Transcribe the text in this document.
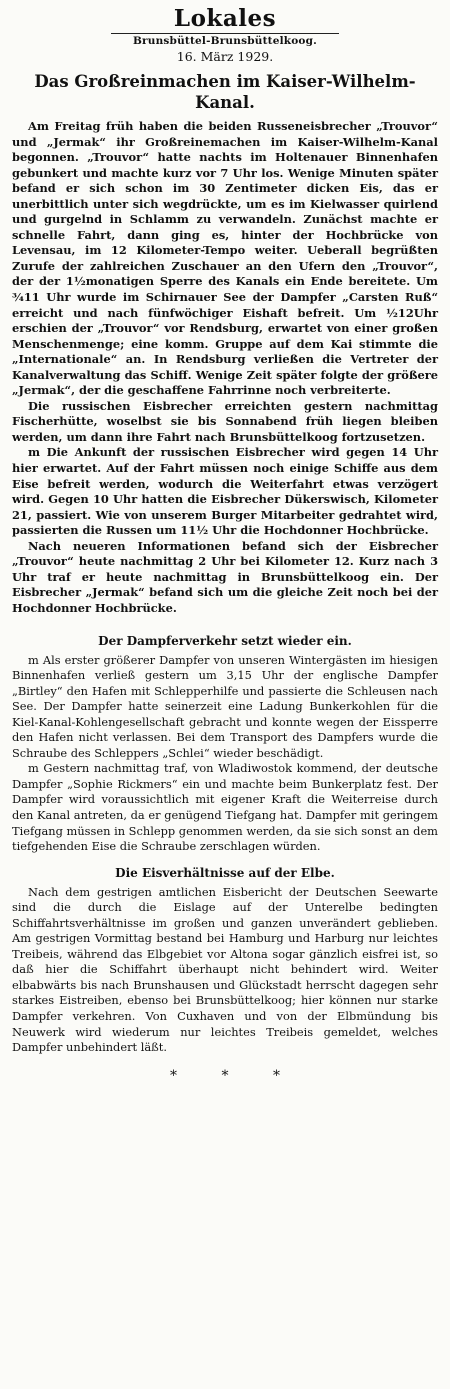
Lokales
Brunsbüttel-Brunsbüttelkoog.
16. März 1929.
Das Großreinmachen im Kaiser-Wilhelm-Kanal.

Am Freitag früh haben die beiden Russeneisbrecher „Trouvor“ und „Jermak“ ihr Großreinemachen im Kaiser-Wilhelm-Kanal begonnen. „Trouvor“ hatte nachts im Holtenauer Binnenhafen gebunkert und machte kurz vor 7 Uhr los. Wenige Minuten später befand er sich schon im 30 Zentimeter dicken Eis, das er unerbittlich unter sich wegdrückte, um es im Kielwasser quirlend und gurgelnd in Schlamm zu verwandeln. Zunächst machte er schnelle Fahrt, dann ging es, hinter der Hochbrücke von Levensau, im 12 Kilometer-Tempo weiter. Ueberall begrüßten Zurufe der zahlreichen Zuschauer an den Ufern den „Trouvor“, der der 1½monatigen Sperre des Kanals ein Ende bereitete. Um ¾11 Uhr wurde im Schirnauer See der Dampfer „Carsten Ruß“ erreicht und nach fünfwöchiger Eishaft befreit. Um ½12Uhr erschien der „Trouvor“ vor Rendsburg, erwartet von einer großen Menschenmenge; eine komm. Gruppe auf dem Kai stimmte die „Internationale“ an. In Rendsburg verließen die Vertreter der Kanalverwaltung das Schiff. Wenige Zeit später folgte der größere „Jermak“, der die geschaffene Fahrrinne noch verbreiterte.

Die russischen Eisbrecher erreichten gestern nachmittag Fischerhütte, woselbst sie bis Sonnabend früh liegen bleiben werden, um dann ihre Fahrt nach Brunsbüttelkoog fortzusetzen.

m Die Ankunft der russischen Eisbrecher wird gegen 14 Uhr hier erwartet. Auf der Fahrt müssen noch einige Schiffe aus dem Eise befreit werden, wodurch die Weiterfahrt etwas verzögert wird. Gegen 10 Uhr hatten die Eisbrecher Dükerswisch, Kilometer 21, passiert. Wie von unserem Burger Mitarbeiter gedrahtet wird, passierten die Russen um 11½ Uhr die Hochdonner Hochbrücke.

Nach neueren Informationen befand sich der Eisbrecher „Trouvor“ heute nachmittag 2 Uhr bei Kilometer 12. Kurz nach 3 Uhr traf er heute nachmittag in Brunsbüttelkoog ein. Der Eisbrecher „Jermak“ befand sich um die gleiche Zeit noch bei der Hochdonner Hochbrücke.

Der Dampferverkehr setzt wieder ein.

m Als erster größerer Dampfer von unseren Wintergästen im hiesigen Binnenhafen verließ gestern um 3,15 Uhr der englische Dampfer „Birtley“ den Hafen mit Schlepperhilfe und passierte die Schleusen nach See. Der Dampfer hatte seinerzeit eine Ladung Bunkerkohlen für die Kiel-Kanal-Kohlengesellschaft gebracht und konnte wegen der Eissperre den Hafen nicht verlassen. Bei dem Transport des Dampfers wurde die Schraube des Schleppers „Schlei“ wieder beschädigt.

m Gestern nachmittag traf, von Wladiwostok kommend, der deutsche Dampfer „Sophie Rickmers“ ein und machte beim Bunkerplatz fest. Der Dampfer wird voraussichtlich mit eigener Kraft die Weiterreise durch den Kanal antreten, da er genügend Tiefgang hat. Dampfer mit geringem Tiefgang müssen in Schlepp genommen werden, da sie sich sonst an dem tiefgehenden Eise die Schraube zerschlagen würden.

Die Eisverhältnisse auf der Elbe.

Nach dem gestrigen amtlichen Eisbericht der Deutschen Seewarte sind die durch die Eislage auf der Unterelbe bedingten Schiffahrtsverhältnisse im großen und ganzen unverändert geblieben. Am gestrigen Vormittag bestand bei Hamburg und Harburg nur leichtes Treibeis, während das Elbgebiet vor Altona sogar gänzlich eisfrei ist, so daß hier die Schiffahrt überhaupt nicht behindert wird. Weiter elbabwärts bis nach Brunshausen und Glückstadt herrscht dagegen sehr starkes Eistreiben, ebenso bei Brunsbüttelkoog; hier können nur starke Dampfer verkehren. Von Cuxhaven und von der Elbmündung bis Neuwerk wird wiederum nur leichtes Treibeis gemeldet, welches Dampfer unbehindert läßt.

* * *
